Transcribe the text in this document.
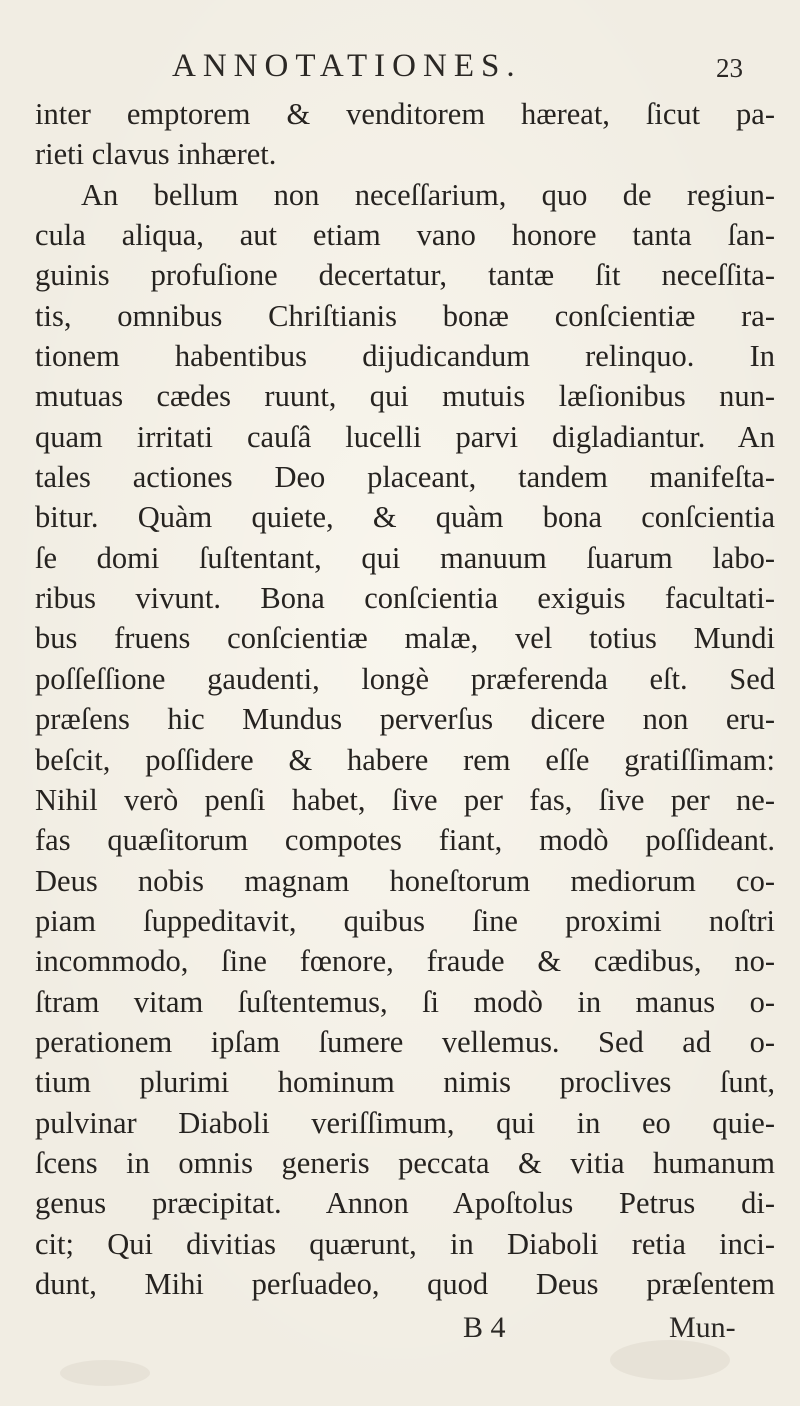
ANNOTATIONES.	23
inter emptorem & venditorem hæreat, ſicut pa-
rieti clavus inhæret.
An bellum non neceſſarium, quo de regiun-
cula aliqua, aut etiam vano honore tanta ſan-
guinis profuſione decertatur, tantæ ſit neceſſita-
tis, omnibus Chriſtianis bonæ conſcientiæ ra-
tionem habentibus dijudicandum relinquo. In
mutuas cædes ruunt, qui mutuis læſionibus nun-
quam irritati cauſâ lucelli parvi digladiantur. An
tales actiones Deo placeant, tandem manifeſta-
bitur. Quàm quiete, & quàm bona conſcientia
ſe domi ſuſtentant, qui manuum ſuarum labo-
ribus vivunt. Bona conſcientia exiguis facultati-
bus fruens conſcientiæ malæ, vel totius Mundi
poſſeſſione gaudenti, longè præferenda eſt. Sed
præſens hic Mundus perverſus dicere non eru-
beſcit, poſſidere & habere rem eſſe gratiſſimam:
Nihil verò penſi habet, ſive per fas, ſive per ne-
fas quæſitorum compotes fiant, modò poſſideant.
Deus nobis magnam honeſtorum mediorum co-
piam ſuppeditavit, quibus ſine proximi noſtri
incommodo, ſine fœnore, fraude & cædibus, no-
ſtram vitam ſuſtentemus, ſi modò in manus o-
perationem ipſam ſumere vellemus. Sed ad o-
tium plurimi hominum nimis proclives ſunt,
pulvinar Diaboli veriſſimum, qui in eo quie-
ſcens in omnis generis peccata & vitia humanum
genus præcipitat. Annon Apoſtolus Petrus di-
cit; Qui divitias quærunt, in Diaboli retia inci-
dunt, Mihi perſuadeo, quod Deus præſentem
B 4	Mun-
